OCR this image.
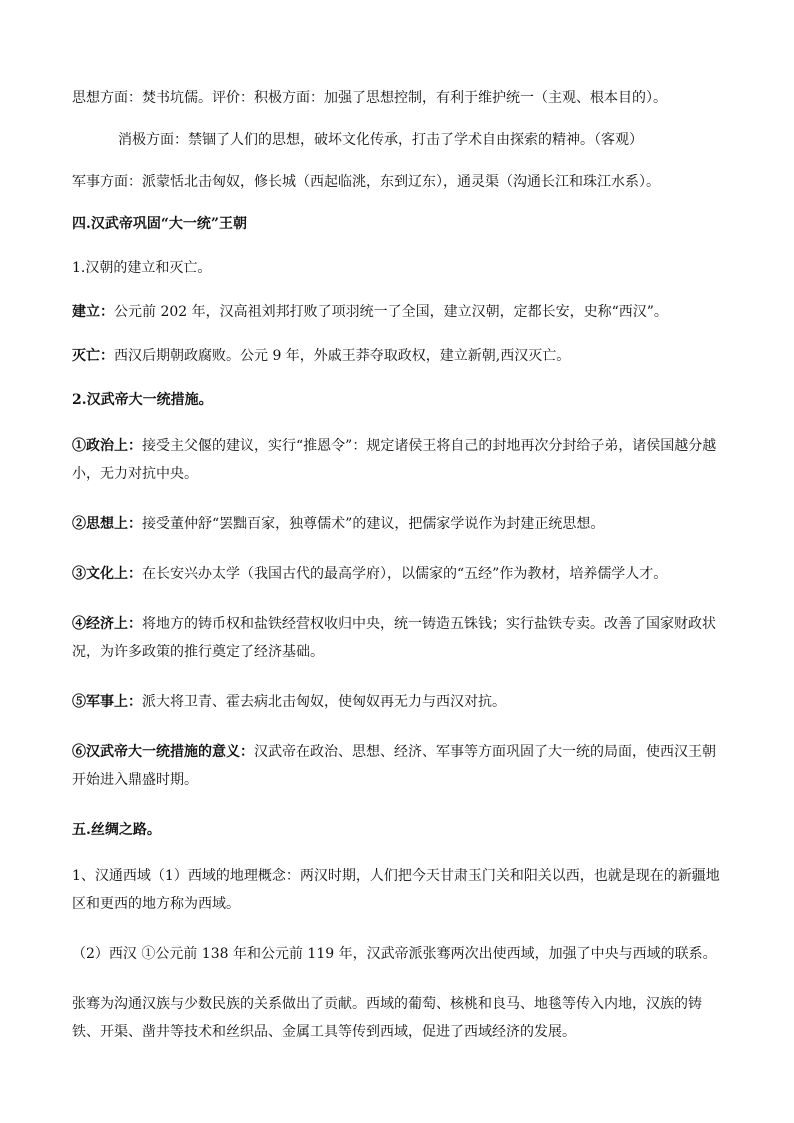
思想方面：焚书坑儒。评价：积极方面：加强了思想控制，有利于维护统一（主观、根本目的）。
消极方面：禁锢了人们的思想，破坏文化传承，打击了学术自由探索的精神。（客观）
军事方面：派蒙恬北击匈奴，修长城（西起临洮，东到辽东），通灵渠（沟通长江和珠江水系）。
四.汉武帝巩固“大一统”王朝
1.汉朝的建立和灭亡。
建立：公元前 202 年，汉高祖刘邦打败了项羽统一了全国，建立汉朝，定都长安，史称“西汉”。
灭亡：西汉后期朝政腐败。公元 9 年，外戚王莽夺取政权，建立新朝,西汉灭亡。
2.汉武帝大一统措施。
①政治上：接受主父偃的建议，实行“推恩令”：规定诸侯王将自己的封地再次分封给子弟，诸侯国越分越小，无力对抗中央。
②思想上：接受董仲舒“罢黜百家，独尊儒术”的建议，把儒家学说作为封建正统思想。
③文化上：在长安兴办太学（我国古代的最高学府），以儒家的“五经”作为教材，培养儒学人才。
④经济上：将地方的铸币权和盐铁经营权收归中央，统一铸造五铢钱；实行盐铁专卖。改善了国家财政状况，为许多政策的推行奠定了经济基础。
⑤军事上：派大将卫青、霍去病北击匈奴，使匈奴再无力与西汉对抗。
⑥汉武帝大一统措施的意义：汉武帝在政治、思想、经济、军事等方面巩固了大一统的局面，使西汉王朝开始进入鼎盛时期。
五.丝绸之路。
1、汉通西域（1）西域的地理概念：两汉时期，人们把今天甘肃玉门关和阳关以西，也就是现在的新疆地区和更西的地方称为西域。
（2）西汉 ①公元前 138 年和公元前 119 年，汉武帝派张骞两次出使西域，加强了中央与西域的联系。
张骞为沟通汉族与少数民族的关系做出了贡献。西域的葡萄、核桃和良马、地毯等传入内地，汉族的铸铁、开渠、凿井等技术和丝织品、金属工具等传到西域，促进了西域经济的发展。
